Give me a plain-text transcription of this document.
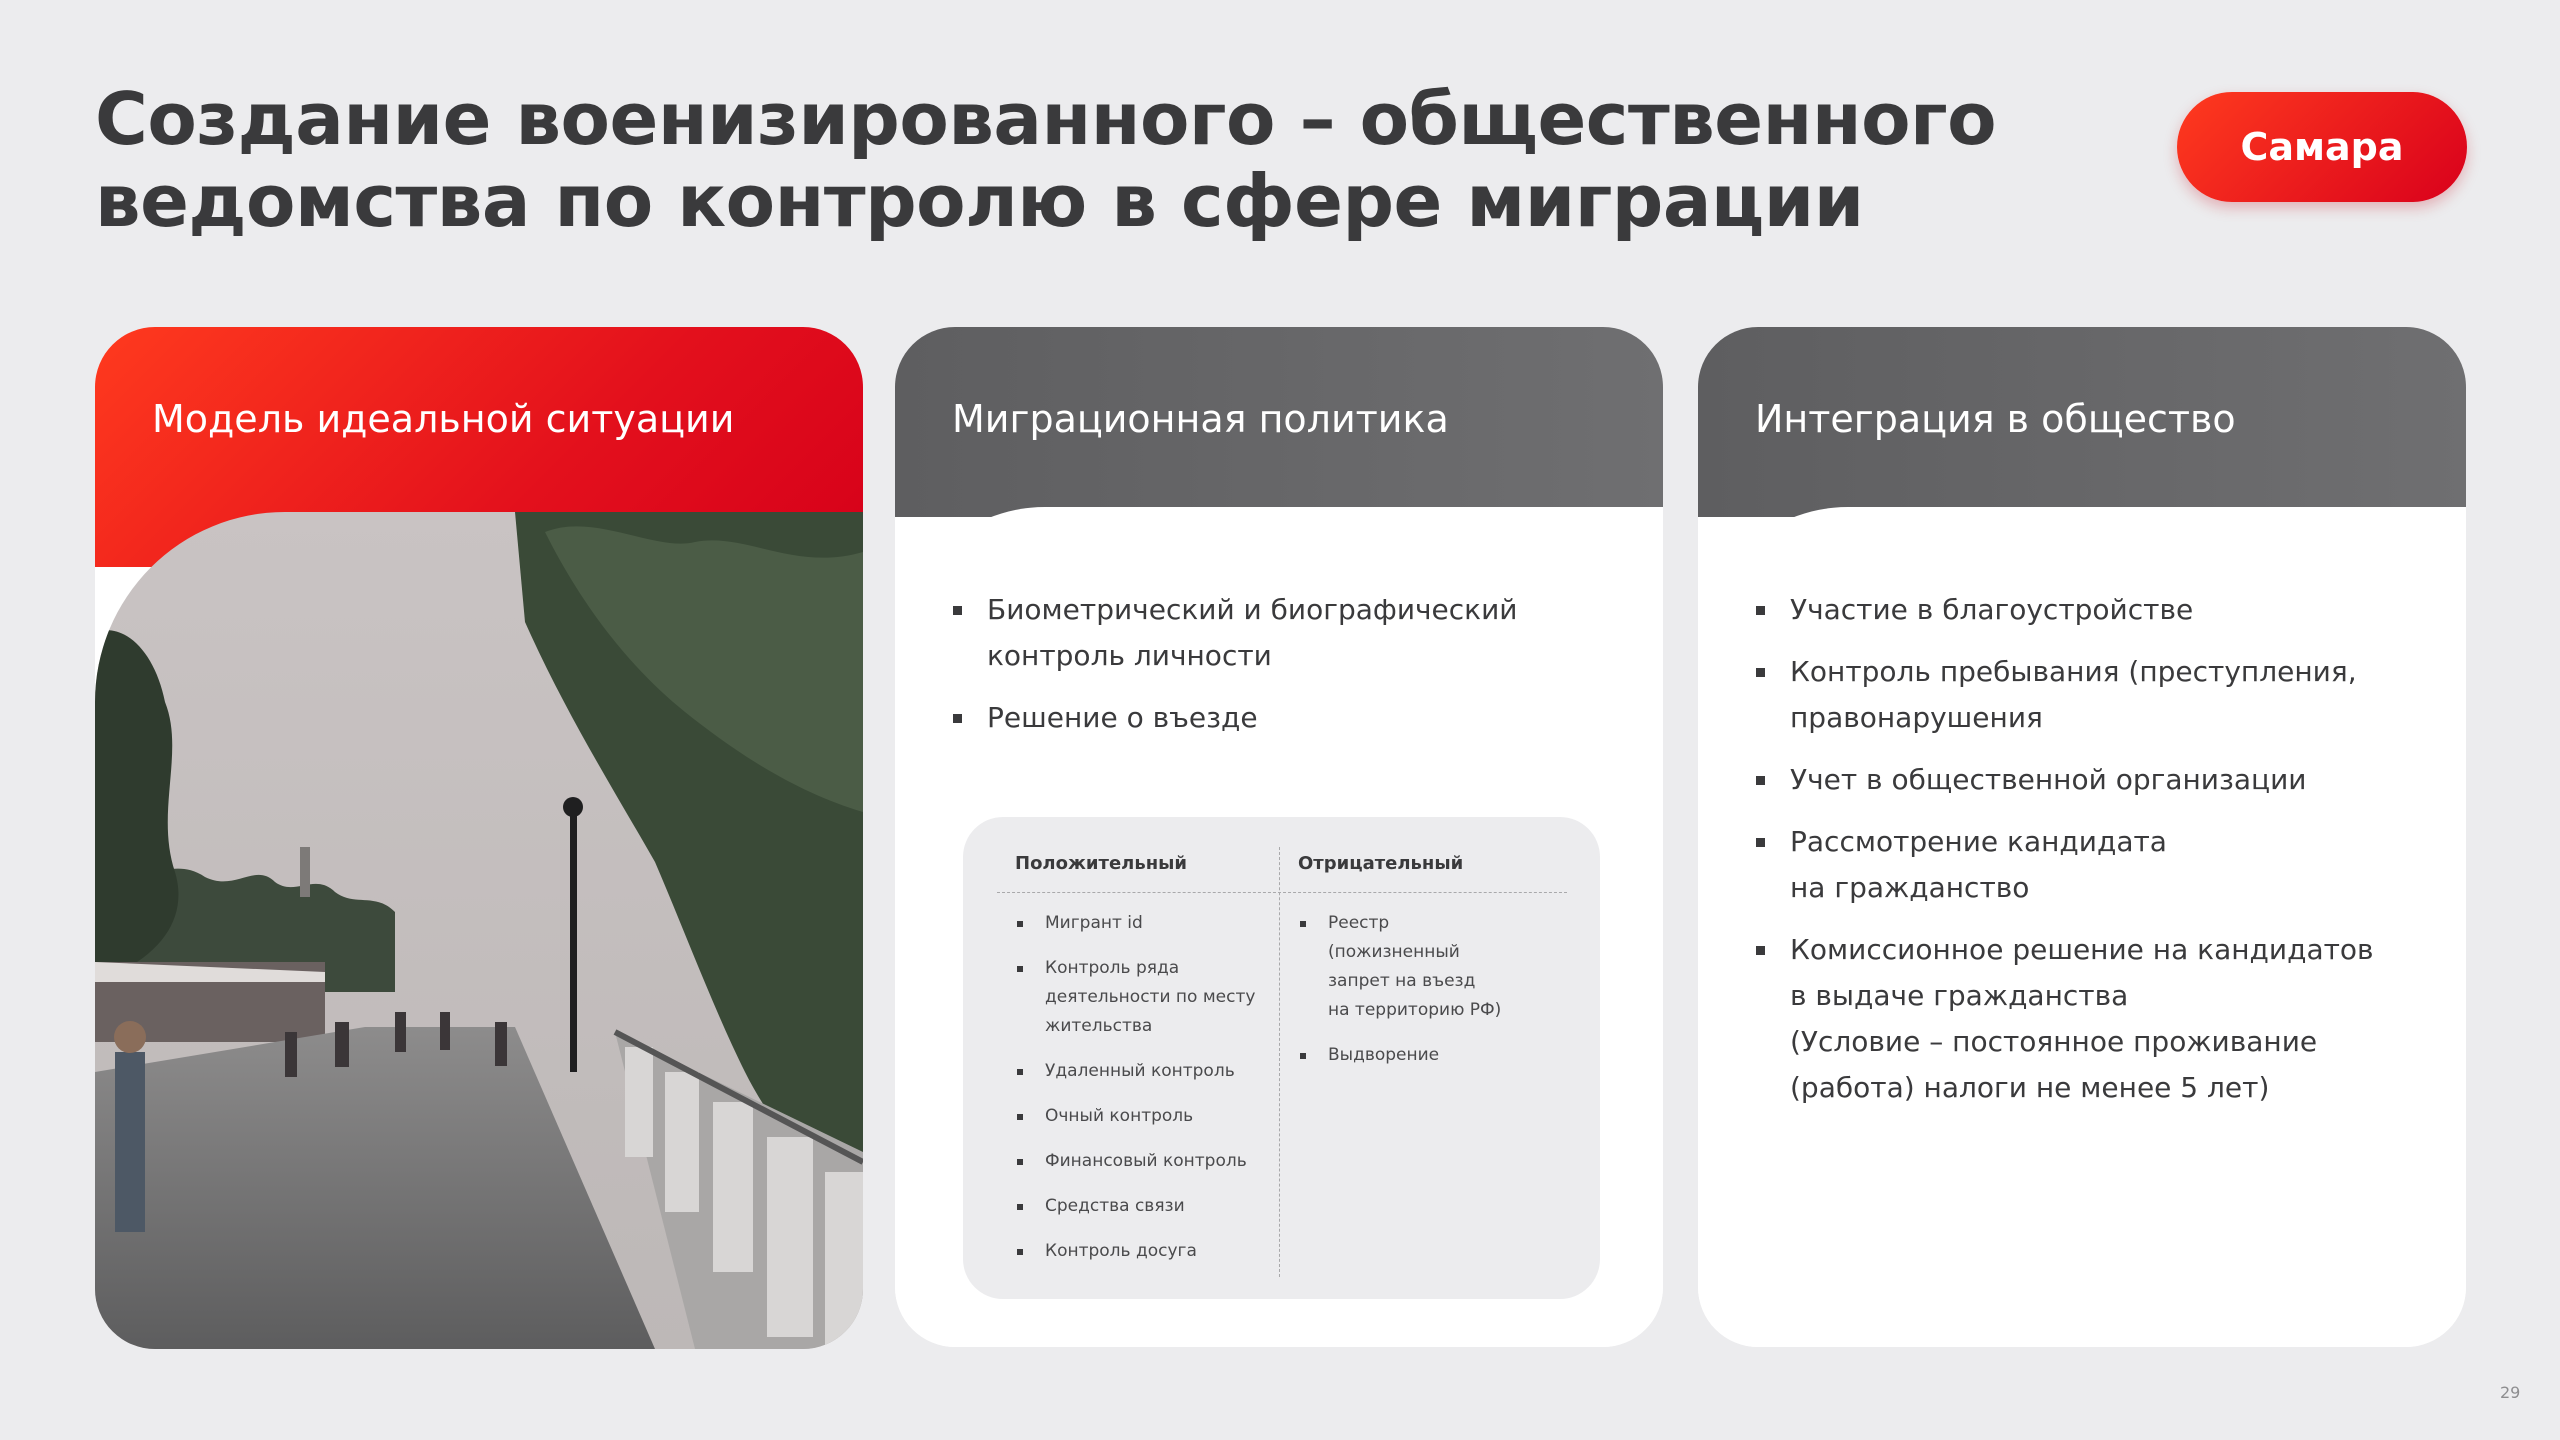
Создание военизированного – общественного
ведомства по контролю в сфере миграции
Самара
Модель идеальной ситуации	Миграционная политика
Биометрический и биографический
контроль личности
Решение о въезде
Положительный
Мигрант id
Контроль ряда
деятельности по месту
жительства
Удаленный контроль
Очный контроль
Финансовый контроль
Средства связи
Контроль досуга
Отрицательный
Реестр
(пожизненный
запрет на въезд
на территорию РФ)
Выдворение
Интеграция в общество
Участие в благоустройстве
Контроль пребывания (преступления,
правонарушения
Учет в общественной организации
Рассмотрение кандидата
на гражданство
Комиссионное решение на кандидатов
в выдаче гражданства
(Условие – постоянное проживание
(работа) налоги не менее 5 лет)
29
